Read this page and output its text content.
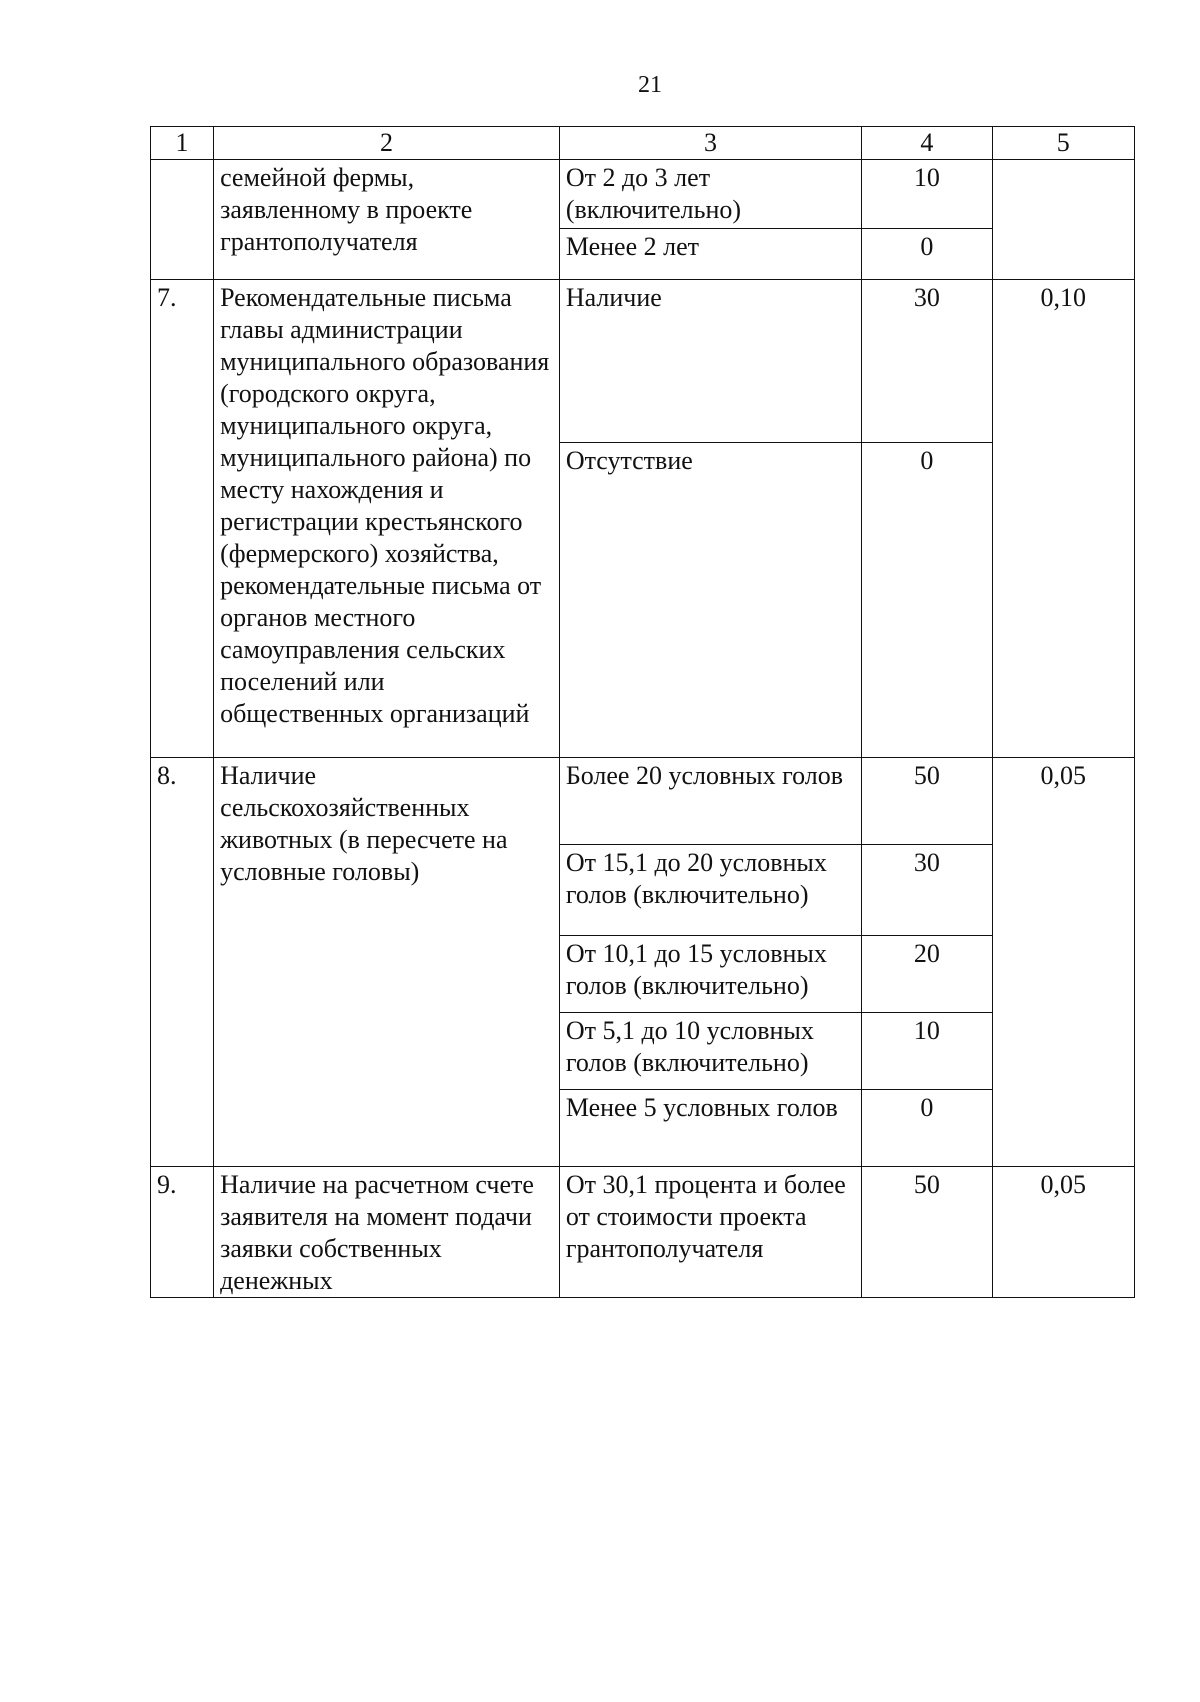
21
1	2	3	4	5
	семейной фермы, заявленному в проекте грантополучателя	От 2 до 3 лет (включительно)	10	
		Менее 2 лет	0	
7.	Рекомендательные письма главы администрации муниципального образования (городского округа, муниципального округа, муниципального района) по месту нахождения и регистрации крестьянского (фермерского) хозяйства, рекомендательные письма от органов местного самоуправления сельских поселений или общественных организаций	Наличие	30	0,10
		Отсутствие	0	
8.	Наличие сельскохозяйственных животных (в пересчете на условные головы)	Более 20 условных голов	50	0,05
		От 15,1 до 20 условных голов (включительно)	30	
		От 10,1 до 15 условных голов (включительно)	20	
		От 5,1 до 10 условных голов (включительно)	10	
		Менее 5 условных голов	0	
9.	Наличие на расчетном счете заявителя на момент подачи заявки собственных денежных	От 30,1 процента и более от стоимости проекта грантополучателя	50	0,05
